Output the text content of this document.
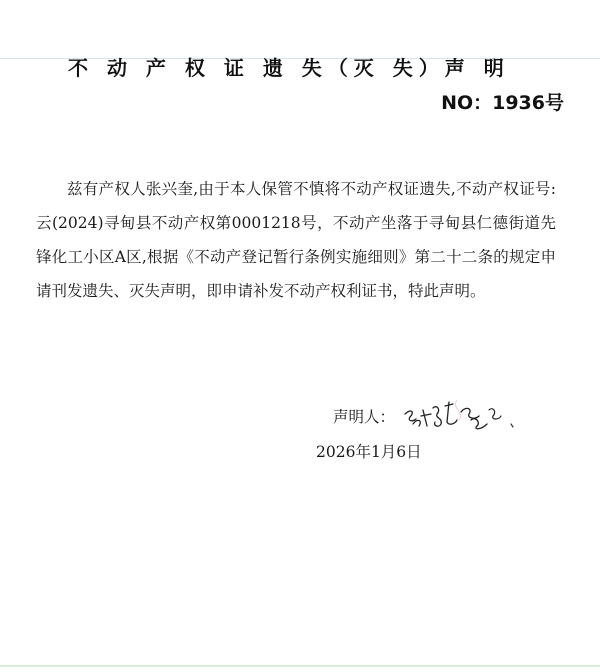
不 动 产 权 证 遗 失（灭 失）声 明
NO：1936号
兹有产权人张兴奎,由于本人保管不慎将不动产权证遗失,不动产权证号:云(2024)寻甸县不动产权第0001218号，不动产坐落于寻甸县仁德街道先锋化工小区A区,根据《不动产登记暂行条例实施细则》第二十二条的规定申请刊发遗失、灭失声明，即申请补发不动产权利证书，特此声明。
声明人：
2026年1月6日
